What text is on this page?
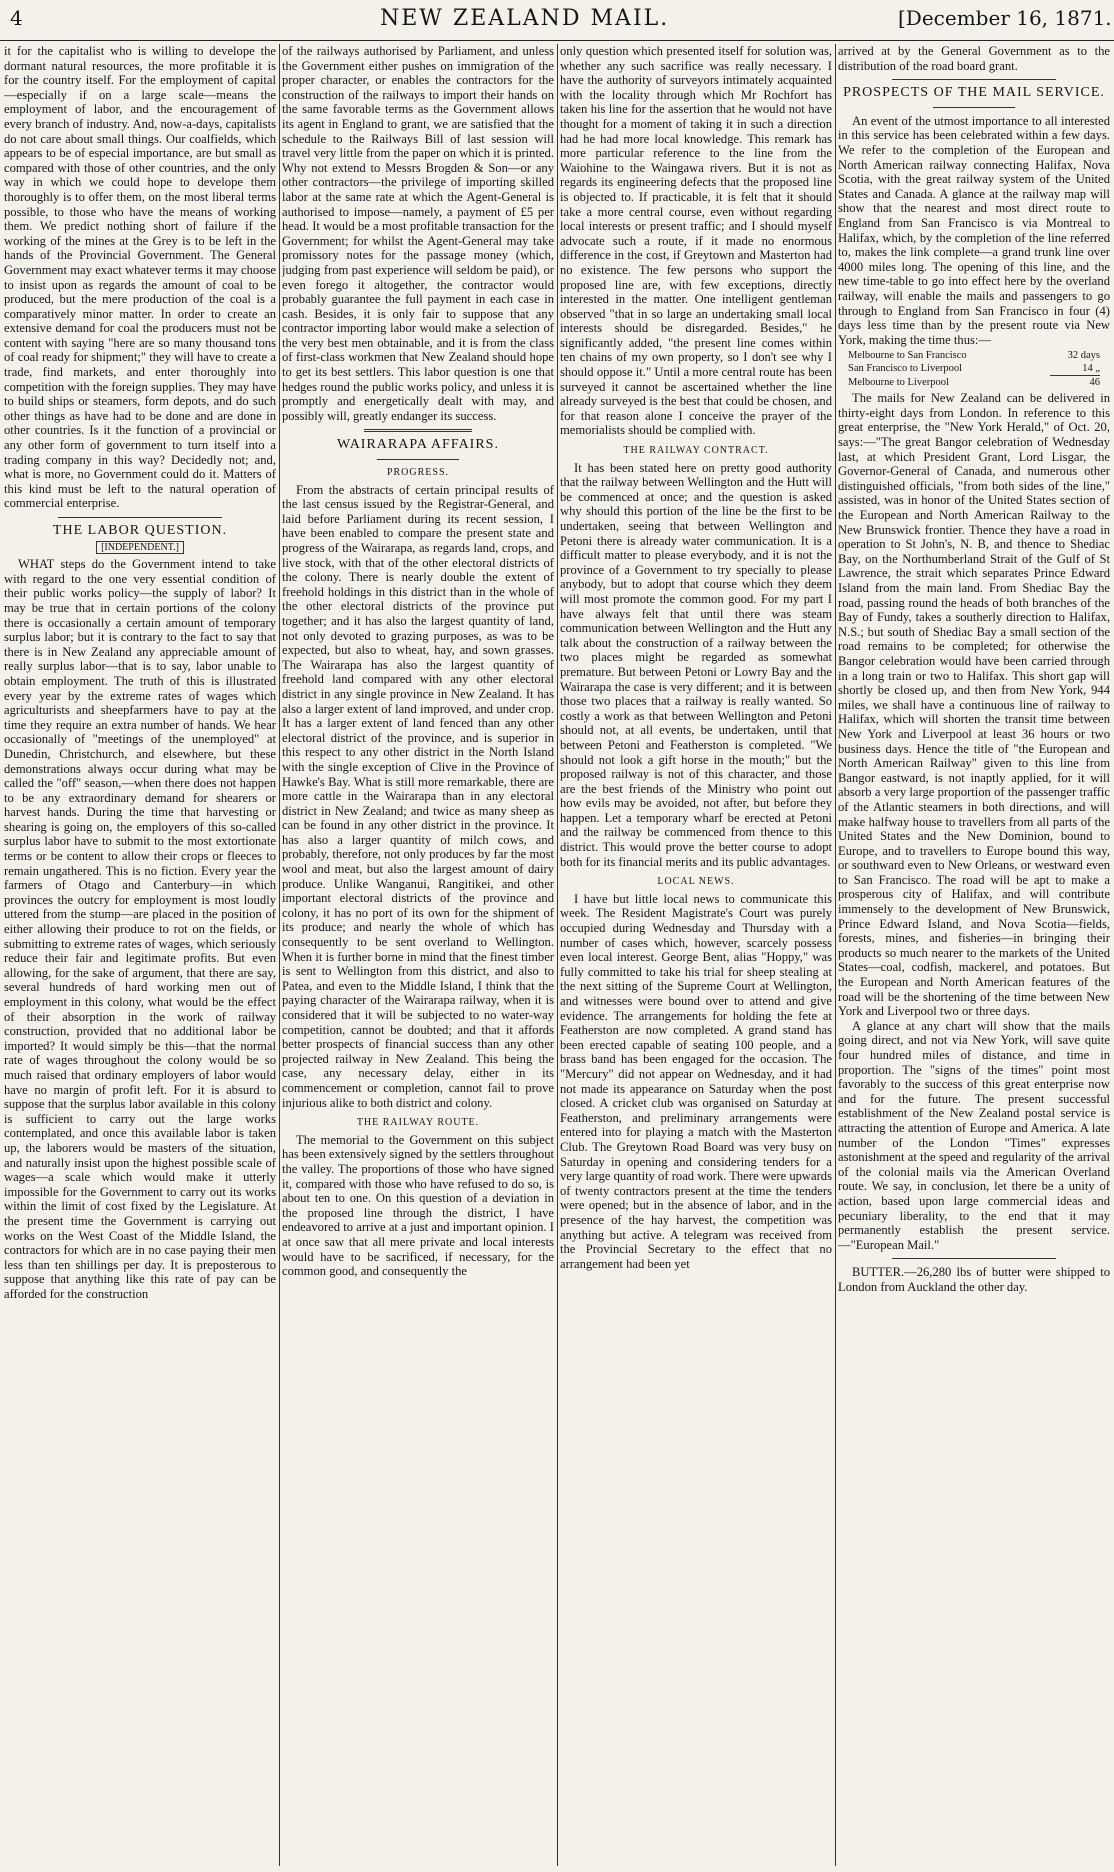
4	NEW ZEALAND MAIL.	[December 16, 1871.

it for the capitalist who is willing to develope the dormant natural resources, the more profitable it is for the country itself. For the employment of capital—especially if on a large scale—means the employment of labor, and the encouragement of every branch of industry. And, now-a-days, capitalists do not care about small things. Our coalfields, which appears to be of especial importance, are but small as compared with those of other countries, and the only way in which we could hope to develope them thoroughly is to offer them, on the most liberal terms possible, to those who have the means of working them. We predict nothing short of failure if the working of the mines at the Grey is to be left in the hands of the Provincial Government. The General Government may exact whatever terms it may choose to insist upon as regards the amount of coal to be produced, but the mere production of the coal is a comparatively minor matter. In order to create an extensive demand for coal the producers must not be content with saying "here are so many thousand tons of coal ready for shipment;" they will have to create a trade, find markets, and enter thoroughly into competition with the foreign supplies. They may have to build ships or steamers, form depots, and do such other things as have had to be done and are done in other countries. Is it the function of a provincial or any other form of government to turn itself into a trading company in this way? Decidedly not; and, what is more, no Government could do it. Matters of this kind must be left to the natural operation of commercial enterprise.

THE LABOR QUESTION.
[INDEPENDENT.]

WHAT steps do the Government intend to take with regard to the one very essential condition of their public works policy—the supply of labor? It may be true that in certain portions of the colony there is occasionally a certain amount of temporary surplus labor; but it is contrary to the fact to say that there is in New Zealand any appreciable amount of really surplus labor—that is to say, labor unable to obtain employment. The truth of this is illustrated every year by the extreme rates of wages which agriculturists and sheepfarmers have to pay at the time they require an extra number of hands. We hear occasionally of "meetings of the unemployed" at Dunedin, Christchurch, and elsewhere, but these demonstrations always occur during what may be called the "off" season,—when there does not happen to be any extraordinary demand for shearers or harvest hands. During the time that harvesting or shearing is going on, the employers of this so-called surplus labor have to submit to the most extortionate terms or be content to allow their crops or fleeces to remain ungathered. This is no fiction. Every year the farmers of Otago and Canterbury—in which provinces the outcry for employment is most loudly uttered from the stump—are placed in the position of either allowing their produce to rot on the fields, or submitting to extreme rates of wages, which seriously reduce their fair and legitimate profits. But even allowing, for the sake of argument, that there are say, several hundreds of hard working men out of employment in this colony, what would be the effect of their absorption in the work of railway construction, provided that no additional labor be imported? It would simply be this—that the normal rate of wages throughout the colony would be so much raised that ordinary employers of labor would have no margin of profit left. For it is absurd to suppose that the surplus labor available in this colony is sufficient to carry out the large works contemplated, and once this available labor is taken up, the laborers would be masters of the situation, and naturally insist upon the highest possible scale of wages—a scale which would make it utterly impossible for the Government to carry out its works within the limit of cost fixed by the Legislature. At the present time the Government is carrying out works on the West Coast of the Middle Island, the contractors for which are in no case paying their men less than ten shillings per day. It is preposterous to suppose that anything like this rate of pay can be afforded for the construction

of the railways authorised by Parliament, and unless the Government either pushes on immigration of the proper character, or enables the contractors for the construction of the railways to import their hands on the same favorable terms as the Government allows its agent in England to grant, we are satisfied that the schedule to the Railways Bill of last session will travel very little from the paper on which it is printed. Why not extend to Messrs Brogden & Son—or any other contractors—the privilege of importing skilled labor at the same rate at which the Agent-General is authorised to impose—namely, a payment of £5 per head. It would be a most profitable transaction for the Government; for whilst the Agent-General may take promissory notes for the passage money (which, judging from past experience will seldom be paid), or even forego it altogether, the contractor would probably guarantee the full payment in each case in cash. Besides, it is only fair to suppose that any contractor importing labor would make a selection of the very best men obtainable, and it is from the class of first-class workmen that New Zealand should hope to get its best settlers. This labor question is one that hedges round the public works policy, and unless it is promptly and energetically dealt with may, and possibly will, greatly endanger its success.

WAIRARAPA AFFAIRS.
PROGRESS.

From the abstracts of certain principal results of the last census issued by the Registrar-General, and laid before Parliament during its recent session, I have been enabled to compare the present state and progress of the Wairarapa, as regards land, crops, and live stock, with that of the other electoral districts of the colony. There is nearly double the extent of freehold holdings in this district than in the whole of the other electoral districts of the province put together; and it has also the largest quantity of land, not only devoted to grazing purposes, as was to be expected, but also to wheat, hay, and sown grasses. The Wairarapa has also the largest quantity of freehold land compared with any other electoral district in any single province in New Zealand. It has also a larger extent of land improved, and under crop. It has a larger extent of land fenced than any other electoral district of the province, and is superior in this respect to any other district in the North Island with the single exception of Clive in the Province of Hawke's Bay. What is still more remarkable, there are more cattle in the Wairarapa than in any electoral district in New Zealand; and twice as many sheep as can be found in any other district in the province. It has also a larger quantity of milch cows, and probably, therefore, not only produces by far the most wool and meat, but also the largest amount of dairy produce. Unlike Wanganui, Rangitikei, and other important electoral districts of the province and colony, it has no port of its own for the shipment of its produce; and nearly the whole of which has consequently to be sent overland to Wellington. When it is further borne in mind that the finest timber is sent to Wellington from this district, and also to Patea, and even to the Middle Island, I think that the paying character of the Wairarapa railway, when it is considered that it will be subjected to no water-way competition, cannot be doubted; and that it affords better prospects of financial success than any other projected railway in New Zealand. This being the case, any necessary delay, either in its commencement or completion, cannot fail to prove injurious alike to both district and colony.

THE RAILWAY ROUTE.

The memorial to the Government on this subject has been extensively signed by the settlers throughout the valley. The proportions of those who have signed it, compared with those who have refused to do so, is about ten to one. On this question of a deviation in the proposed line through the district, I have endeavored to arrive at a just and important opinion. I at once saw that all mere private and local interests would have to be sacrificed, if necessary, for the common good, and consequently the

only question which presented itself for solution was, whether any such sacrifice was really necessary. I have the authority of surveyors intimately acquainted with the locality through which Mr Rochfort has taken his line for the assertion that he would not have thought for a moment of taking it in such a direction had he had more local knowledge. This remark has more particular reference to the line from the Waiohine to the Waingawa rivers. But it is not as regards its engineering defects that the proposed line is objected to. If practicable, it is felt that it should take a more central course, even without regarding local interests or present traffic; and I should myself advocate such a route, if it made no enormous difference in the cost, if Greytown and Masterton had no existence. The few persons who support the proposed line are, with few exceptions, directly interested in the matter. One intelligent gentleman observed "that in so large an undertaking small local interests should be disregarded. Besides," he significantly added, "the present line comes within ten chains of my own property, so I don't see why I should oppose it." Until a more central route has been surveyed it cannot be ascertained whether the line already surveyed is the best that could be chosen, and for that reason alone I conceive the prayer of the memorialists should be complied with.

THE RAILWAY CONTRACT.

It has been stated here on pretty good authority that the railway between Wellington and the Hutt will be commenced at once; and the question is asked why should this portion of the line be the first to be undertaken, seeing that between Wellington and Petoni there is already water communication. It is a difficult matter to please everybody, and it is not the province of a Government to try specially to please anybody, but to adopt that course which they deem will most promote the common good. For my part I have always felt that until there was steam communication between Wellington and the Hutt any talk about the construction of a railway between the two places might be regarded as somewhat premature. But between Petoni or Lowry Bay and the Wairarapa the case is very different; and it is between those two places that a railway is really wanted. So costly a work as that between Wellington and Petoni should not, at all events, be undertaken, until that between Petoni and Featherston is completed. "We should not look a gift horse in the mouth;" but the proposed railway is not of this character, and those are the best friends of the Ministry who point out how evils may be avoided, not after, but before they happen. Let a temporary wharf be erected at Petoni and the railway be commenced from thence to this district. This would prove the better course to adopt both for its financial merits and its public advantages.

LOCAL NEWS.

I have but little local news to communicate this week. The Resident Magistrate's Court was purely occupied during Wednesday and Thursday with a number of cases which, however, scarcely possess even local interest. George Bent, alias "Hoppy," was fully committed to take his trial for sheep stealing at the next sitting of the Supreme Court at Wellington, and witnesses were bound over to attend and give evidence. The arrangements for holding the fete at Featherston are now completed. A grand stand has been erected capable of seating 100 people, and a brass band has been engaged for the occasion. The "Mercury" did not appear on Wednesday, and it had not made its appearance on Saturday when the post closed. A cricket club was organised on Saturday at Featherston, and preliminary arrangements were entered into for playing a match with the Masterton Club. The Greytown Road Board was very busy on Saturday in opening and considering tenders for a very large quantity of road work. There were upwards of twenty contractors present at the time the tenders were opened; but in the absence of labor, and in the presence of the hay harvest, the competition was anything but active. A telegram was received from the Provincial Secretary to the effect that no arrangement had been yet

arrived at by the General Government as to the distribution of the road board grant.

PROSPECTS OF THE MAIL SERVICE.

An event of the utmost importance to all interested in this service has been celebrated within a few days. We refer to the completion of the European and North American railway connecting Halifax, Nova Scotia, with the great railway system of the United States and Canada. A glance at the railway map will show that the nearest and most direct route to England from San Francisco is via Montreal to Halifax, which, by the completion of the line referred to, makes the link complete—a grand trunk line over 4000 miles long. The opening of this line, and the new time-table to go into effect here by the overland railway, will enable the mails and passengers to go through to England from San Francisco in four (4) days less time than by the present route via New York, making the time thus:—

Melbourne to San Francisco	32 days
San Francisco to Liverpool	14 „
Melbourne to Liverpool	46

The mails for New Zealand can be delivered in thirty-eight days from London. In reference to this great enterprise, the "New York Herald," of Oct. 20, says:—"The great Bangor celebration of Wednesday last, at which President Grant, Lord Lisgar, the Governor-General of Canada, and numerous other distinguished officials, "from both sides of the line," assisted, was in honor of the United States section of the European and North American Railway to the New Brunswick frontier. Thence they have a road in operation to St John's, N. B, and thence to Shediac Bay, on the Northumberland Strait of the Gulf of St Lawrence, the strait which separates Prince Edward Island from the main land. From Shediac Bay the road, passing round the heads of both branches of the Bay of Fundy, takes a southerly direction to Halifax, N.S.; but south of Shediac Bay a small section of the road remains to be completed; for otherwise the Bangor celebration would have been carried through in a long train or two to Halifax. This short gap will shortly be closed up, and then from New York, 944 miles, we shall have a continuous line of railway to Halifax, which will shorten the transit time between New York and Liverpool at least 36 hours or two business days. Hence the title of "the European and North American Railway" given to this line from Bangor eastward, is not inaptly applied, for it will absorb a very large proportion of the passenger traffic of the Atlantic steamers in both directions, and will make halfway house to travellers from all parts of the United States and the New Dominion, bound to Europe, and to travellers to Europe bound this way, or southward even to New Orleans, or westward even to San Francisco. The road will be apt to make a prosperous city of Halifax, and will contribute immensely to the development of New Brunswick, Prince Edward Island, and Nova Scotia—fields, forests, mines, and fisheries—in bringing their products so much nearer to the markets of the United States—coal, codfish, mackerel, and potatoes. But the European and North American features of the road will be the shortening of the time between New York and Liverpool two or three days.

A glance at any chart will show that the mails going direct, and not via New York, will save quite four hundred miles of distance, and time in proportion. The "signs of the times" point most favorably to the success of this great enterprise now and for the future. The present successful establishment of the New Zealand postal service is attracting the attention of Europe and America. A late number of the London "Times" expresses astonishment at the speed and regularity of the arrival of the colonial mails via the American Overland route. We say, in conclusion, let there be a unity of action, based upon large commercial ideas and pecuniary liberality, to the end that it may permanently establish the present service.—"European Mail."

BUTTER.—26,280 lbs of butter were shipped to London from Auckland the other day.
